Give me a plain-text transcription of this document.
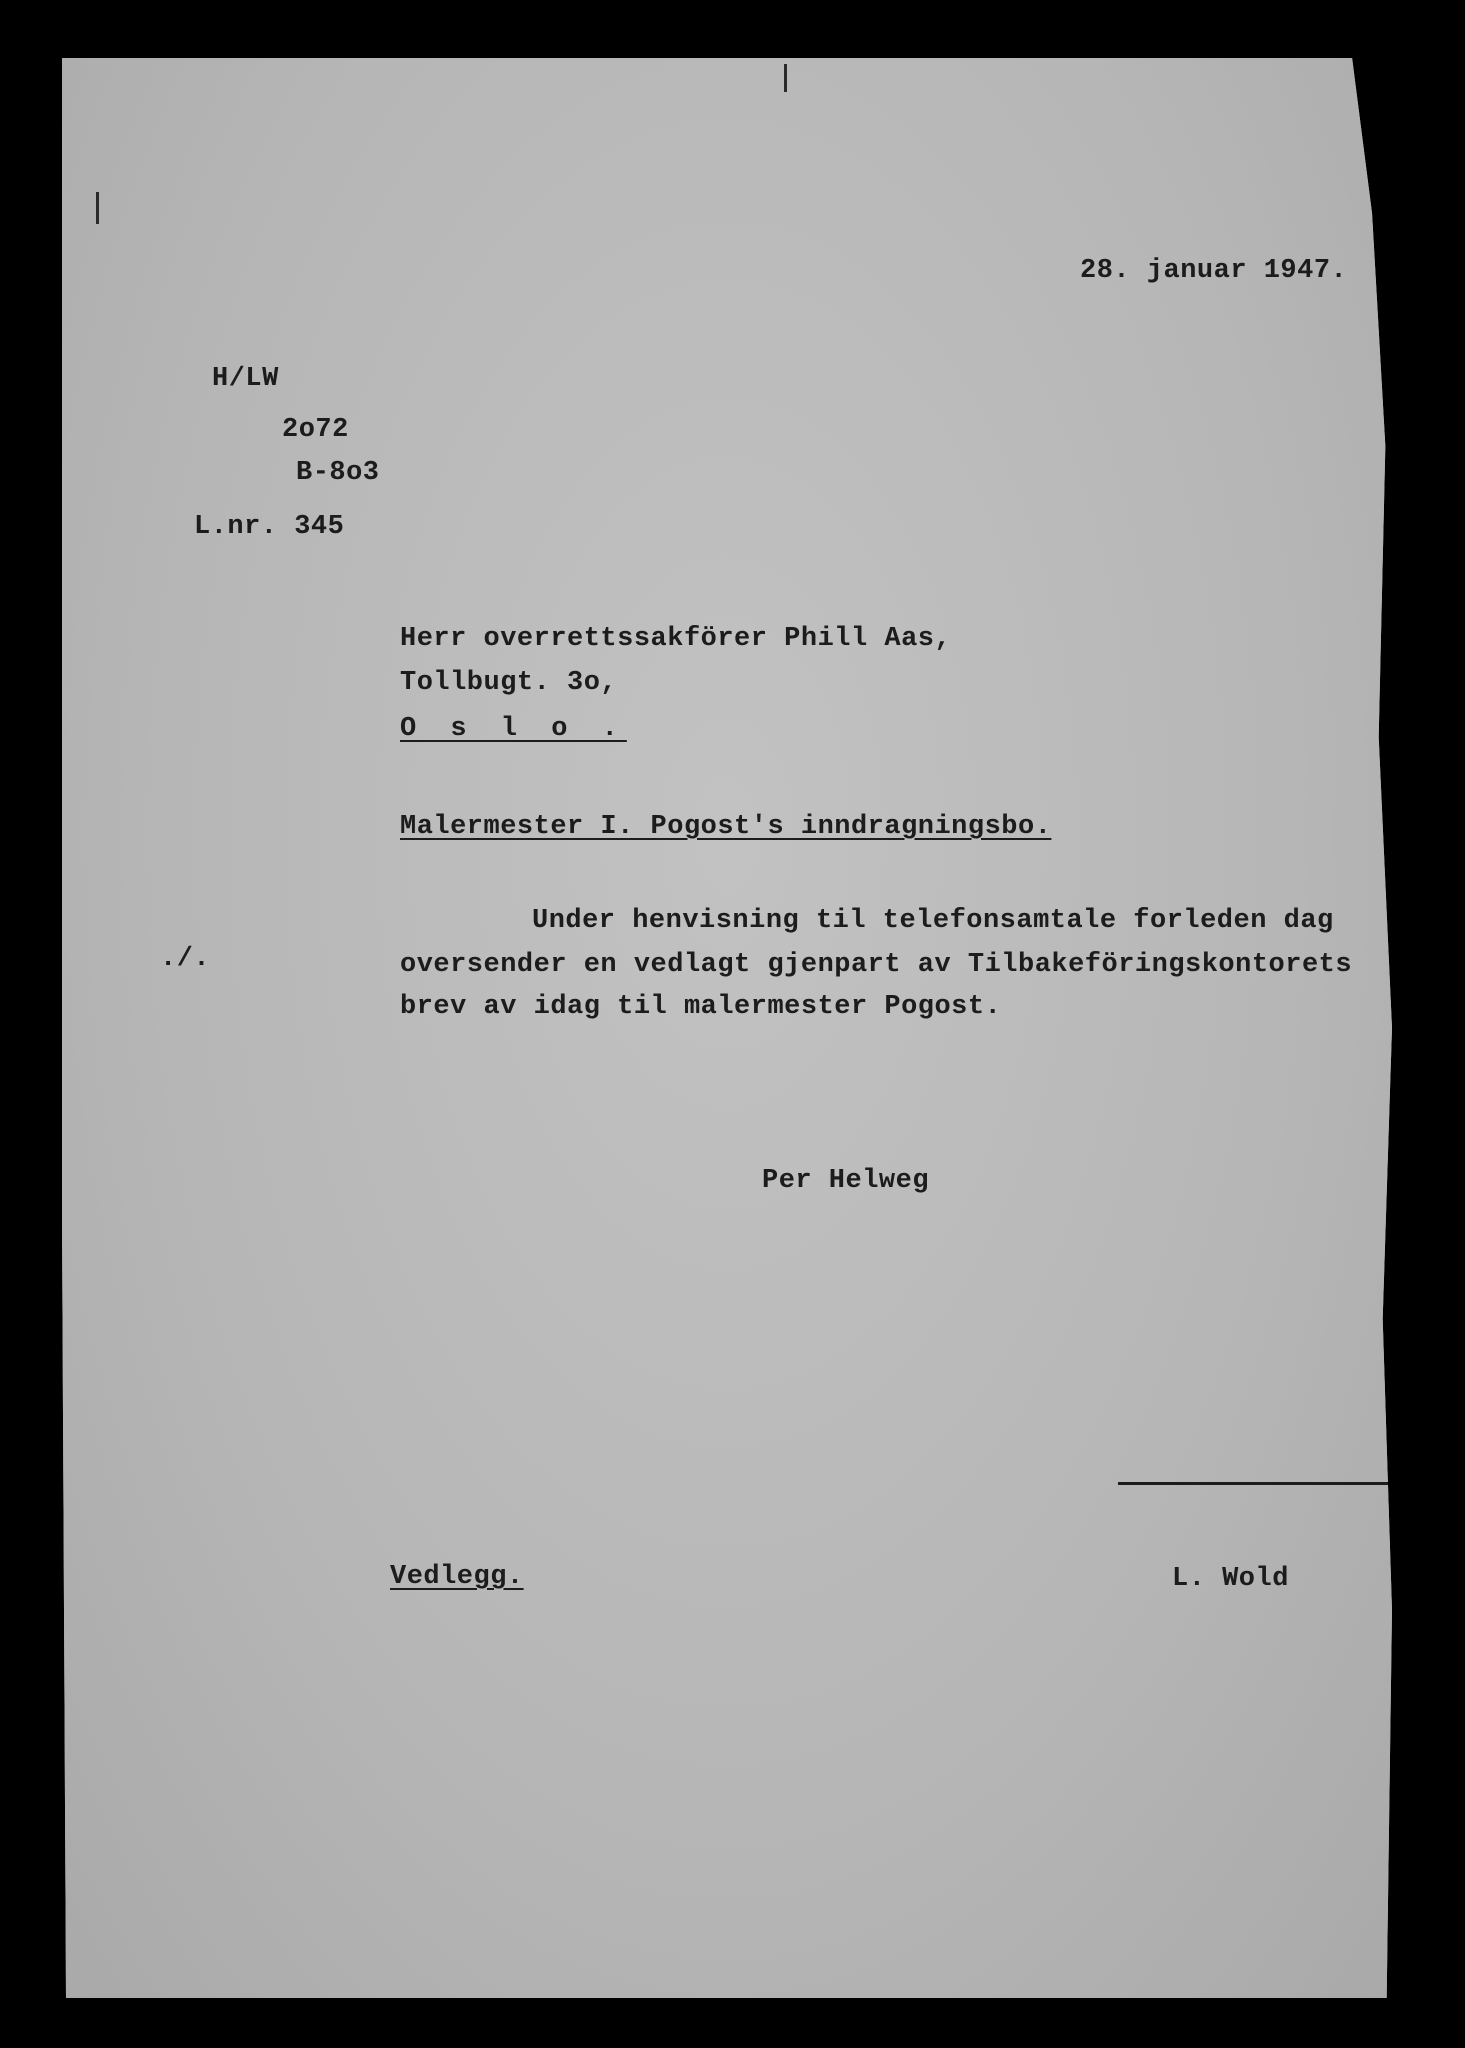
28. januar 1947.
H/LW
2o72
B-8o3
L.nr. 345
Herr overrettssakförer Phill Aas,
Tollbugt. 3o,
O s l o .
Malermester I. Pogost's inndragningsbo.
./.
Under henvisning til telefonsamtale forleden dag
oversender en vedlagt gjenpart av Tilbakeföringskontorets
brev av idag til malermester Pogost.
Per Helweg
Vedlegg.	L. Wold
